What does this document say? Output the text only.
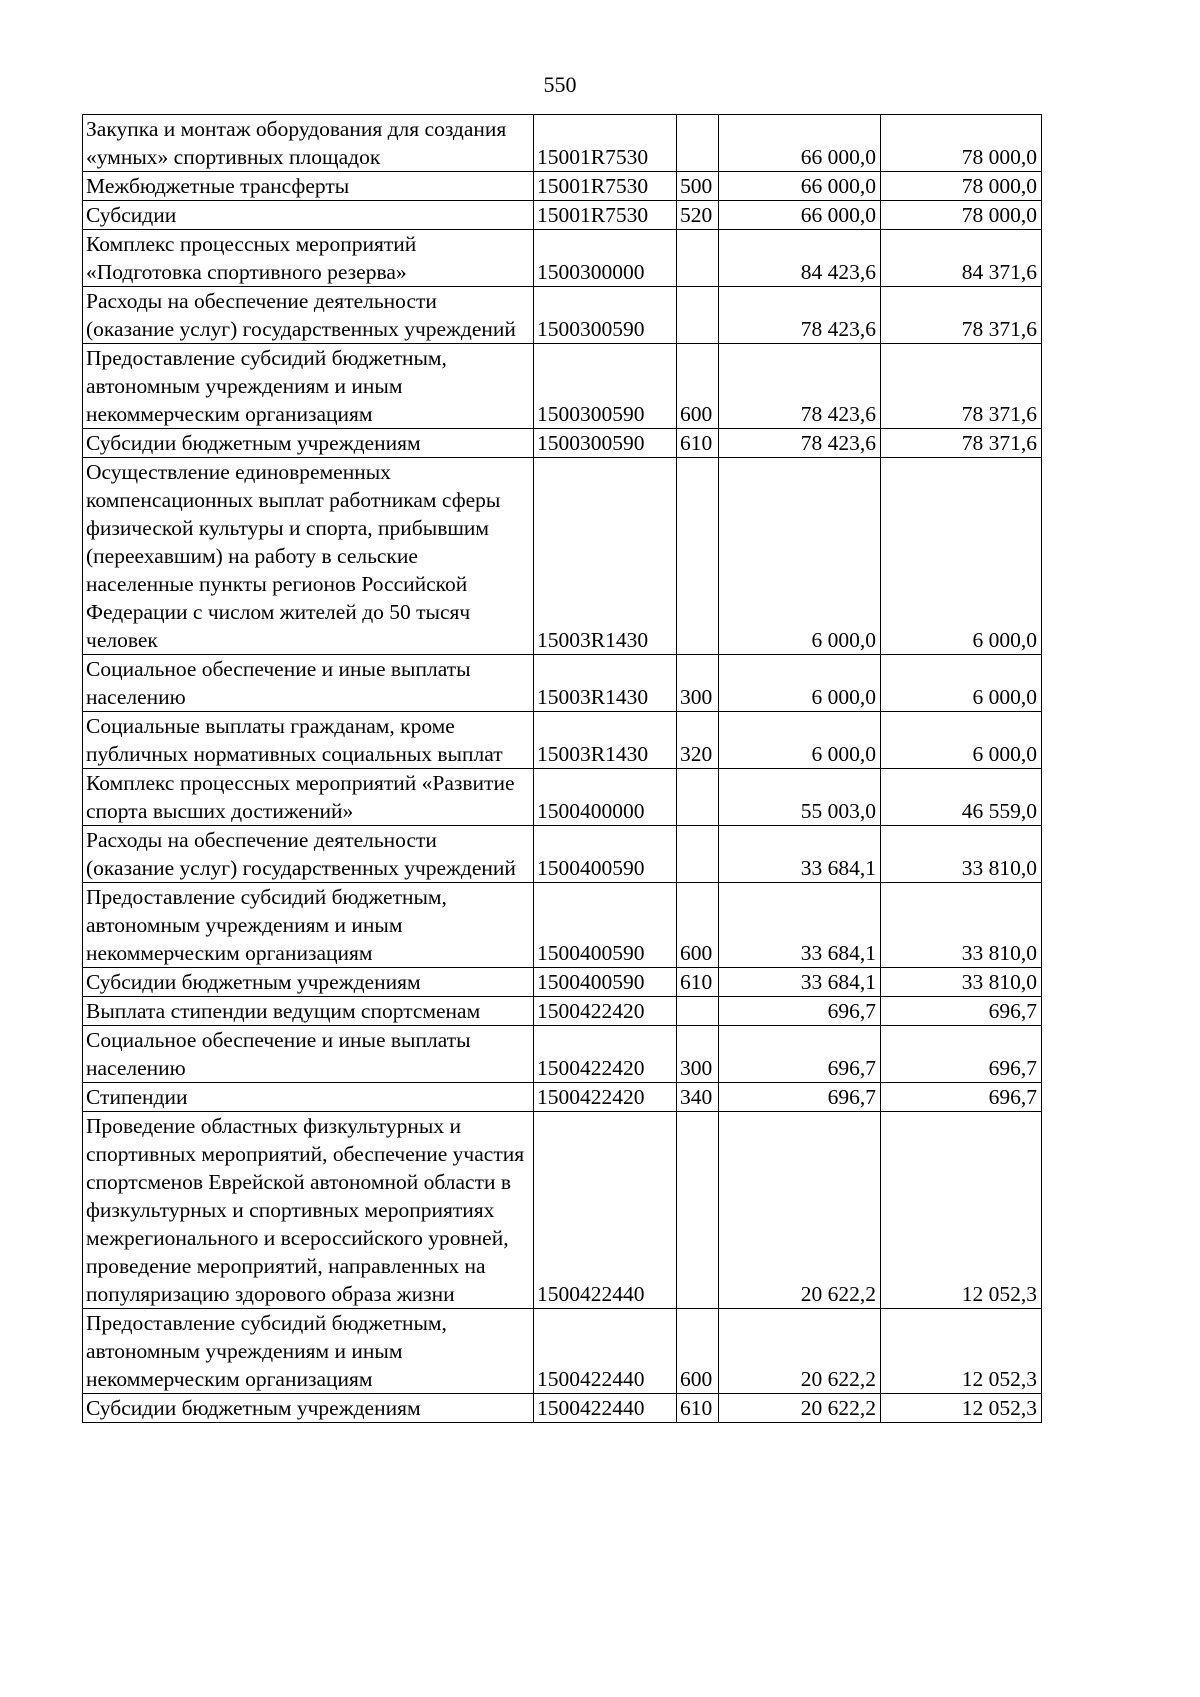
550
Закупка и монтаж оборудования для создания «умных» спортивных площадок	15001R7530		66 000,0	78 000,0
Межбюджетные трансферты	15001R7530	500	66 000,0	78 000,0
Субсидии	15001R7530	520	66 000,0	78 000,0
Комплекс процессных мероприятий «Подготовка спортивного резерва»	1500300000		84 423,6	84 371,6
Расходы на обеспечение деятельности (оказание услуг) государственных учреждений	1500300590		78 423,6	78 371,6
Предоставление субсидий бюджетным, автономным учреждениям и иным некоммерческим организациям	1500300590	600	78 423,6	78 371,6
Субсидии бюджетным учреждениям	1500300590	610	78 423,6	78 371,6
Осуществление единовременных компенсационных выплат работникам сферы физической культуры и спорта, прибывшим (переехавшим) на работу в сельские населенные пункты регионов Российской Федерации с числом жителей до 50 тысяч человек	15003R1430		6 000,0	6 000,0
Социальное обеспечение и иные выплаты населению	15003R1430	300	6 000,0	6 000,0
Социальные выплаты гражданам, кроме публичных нормативных социальных выплат	15003R1430	320	6 000,0	6 000,0
Комплекс процессных мероприятий «Развитие спорта высших достижений»	1500400000		55 003,0	46 559,0
Расходы на обеспечение деятельности (оказание услуг) государственных учреждений	1500400590		33 684,1	33 810,0
Предоставление субсидий бюджетным, автономным учреждениям и иным некоммерческим организациям	1500400590	600	33 684,1	33 810,0
Субсидии бюджетным учреждениям	1500400590	610	33 684,1	33 810,0
Выплата стипендии ведущим спортсменам	1500422420		696,7	696,7
Социальное обеспечение и иные выплаты населению	1500422420	300	696,7	696,7
Стипендии	1500422420	340	696,7	696,7
Проведение областных физкультурных и спортивных мероприятий, обеспечение участия спортсменов Еврейской автономной области в физкультурных и спортивных мероприятиях межрегионального и всероссийского уровней, проведение мероприятий, направленных на популяризацию здорового образа жизни	1500422440		20 622,2	12 052,3
Предоставление субсидий бюджетным, автономным учреждениям и иным некоммерческим организациям	1500422440	600	20 622,2	12 052,3
Субсидии бюджетным учреждениям	1500422440	610	20 622,2	12 052,3
